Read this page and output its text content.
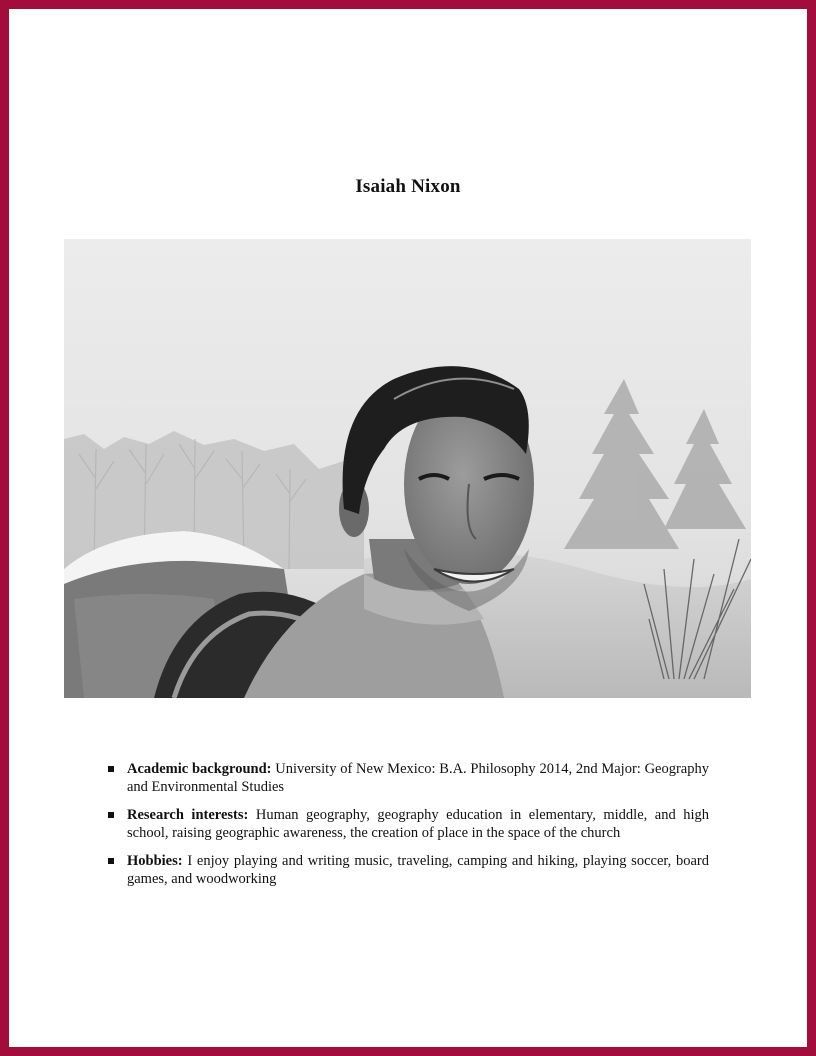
Isaiah Nixon
Academic background: University of New Mexico: B.A. Philosophy 2014, 2nd Major: Geography and Environmental Studies
Research interests: Human geography, geography education in elementary, middle, and high school, raising geographic awareness, the creation of place in the space of the church
Hobbies: I enjoy playing and writing music, traveling, camping and hiking, playing soccer, board games, and woodworking
